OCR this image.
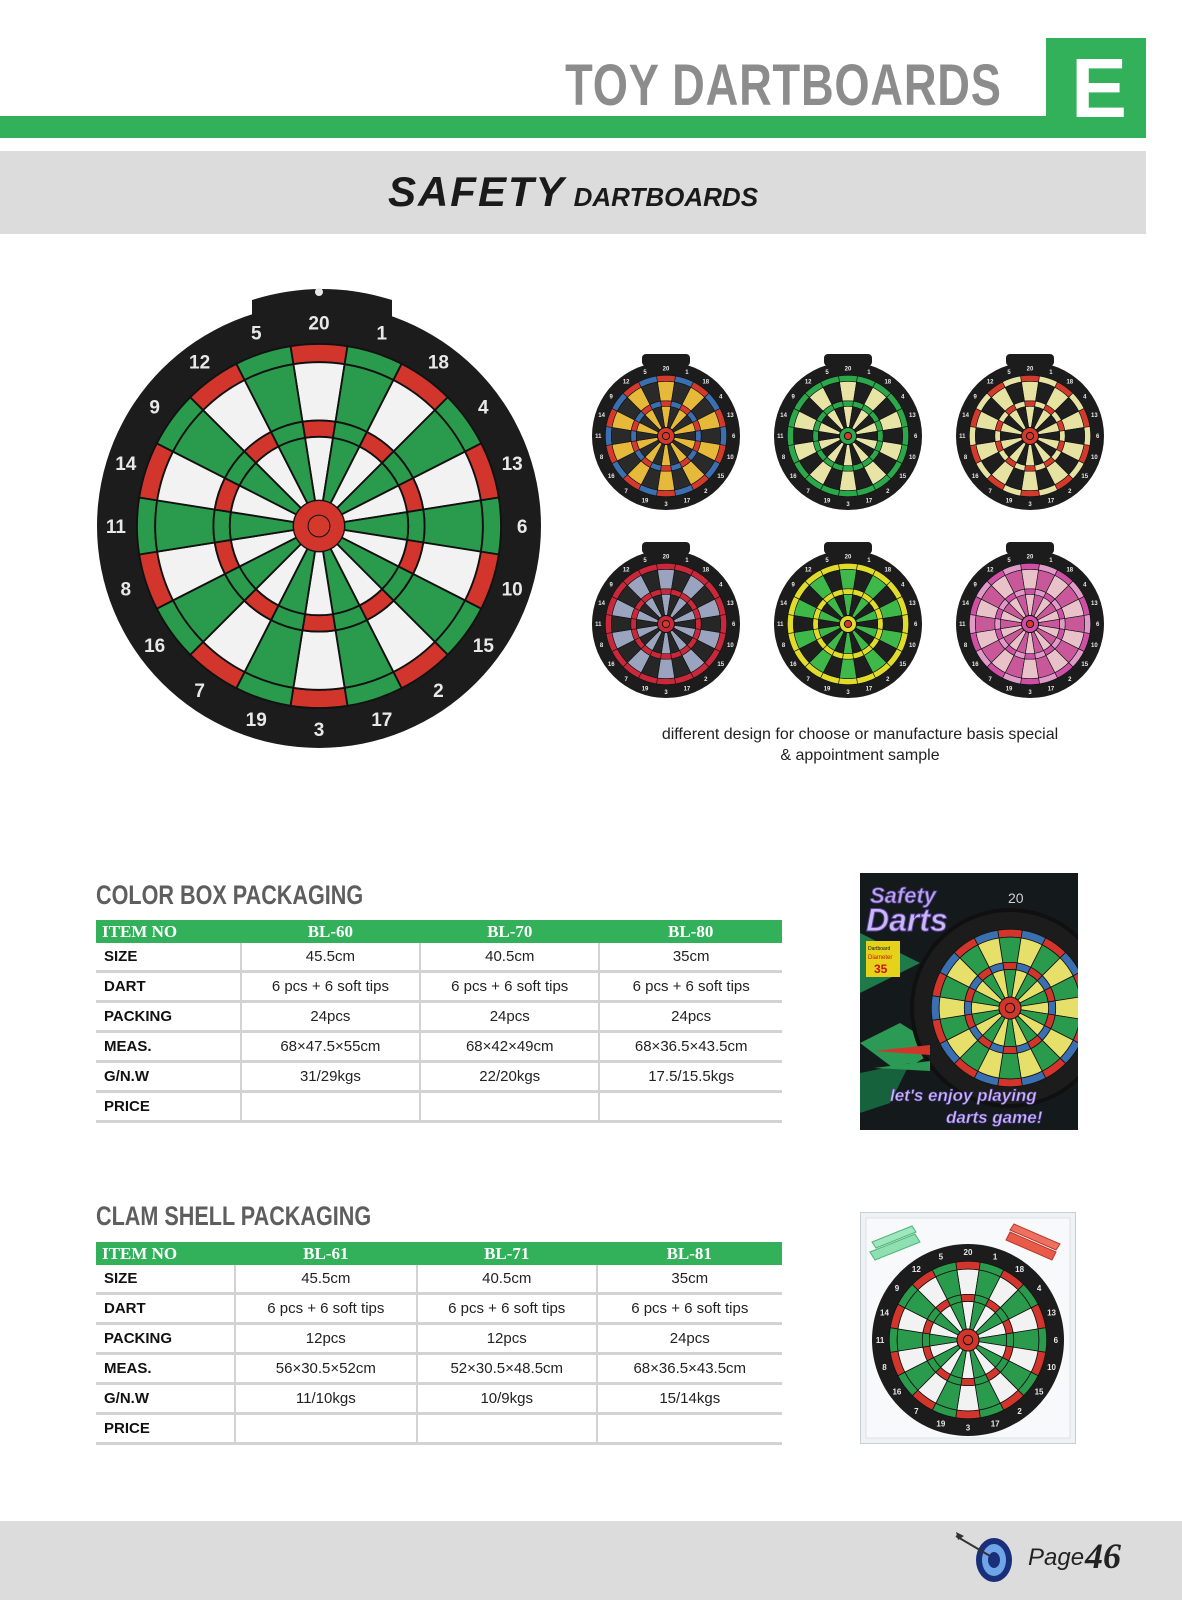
TOY DARTBOARDS E
SAFETY DARTBOARDS
20 1
18
4
13
6
10
15
2
17
3
19
7
16
8
11
14
9
12
5
20
1
18
4
13
6
10
15
2
17
3
19
7
16
8
11
14
9
12
5
20
1
18
4
13
6
10
15
2
17
3
19
7
16
8
11
14
9
12
5
20
1
18
4
13
6
10
15
2
17
3
19
7
16
8
11
14
9
12
5
20
1
18
4
13
6
10
15
2
17
3
19
7
16
8
11
14
9
12
5
20
1
18
4
13
6
10
15
2
17
3
19
7
16
8
11
14
9
12
5
20
1
18
4
13
6
10
15
2
17
3
19
7
16
8
11
14
9
12
5
different design for choose or manufacture basis special
& appointment sample
COLOR BOX PACKAGING
ITEM NO	BL-60	BL-70	BL-80
SIZE	45.5cm	40.5cm	35cm
DART	6 pcs + 6 soft tips	6 pcs + 6 soft tips	6 pcs + 6 soft tips
PACKING	24pcs	24pcs	24pcs
MEAS.	68×47.5×55cm	68×42×49cm	68×36.5×43.5cm
G/N.W	31/29kgs	22/20kgs	17.5/15.5kgs
PRICE			
Safety
Darts
20
Dartboard
Diameter
35
let's enjoy playing
darts game!
CLAM SHELL PACKAGING
ITEM NO	BL-61	BL-71	BL-81
SIZE	45.5cm	40.5cm	35cm
DART	6 pcs + 6 soft tips	6 pcs + 6 soft tips	6 pcs + 6 soft tips
PACKING	12pcs	12pcs	24pcs
MEAS.	56×30.5×52cm	52×30.5×48.5cm	68×36.5×43.5cm
G/N.W	11/10kgs	10/9kgs	15/14kgs
PRICE			
20	1
18
4
13
6
10
15
2
17
3
19
7
16
8
11
14
9
12
5
Page 46
